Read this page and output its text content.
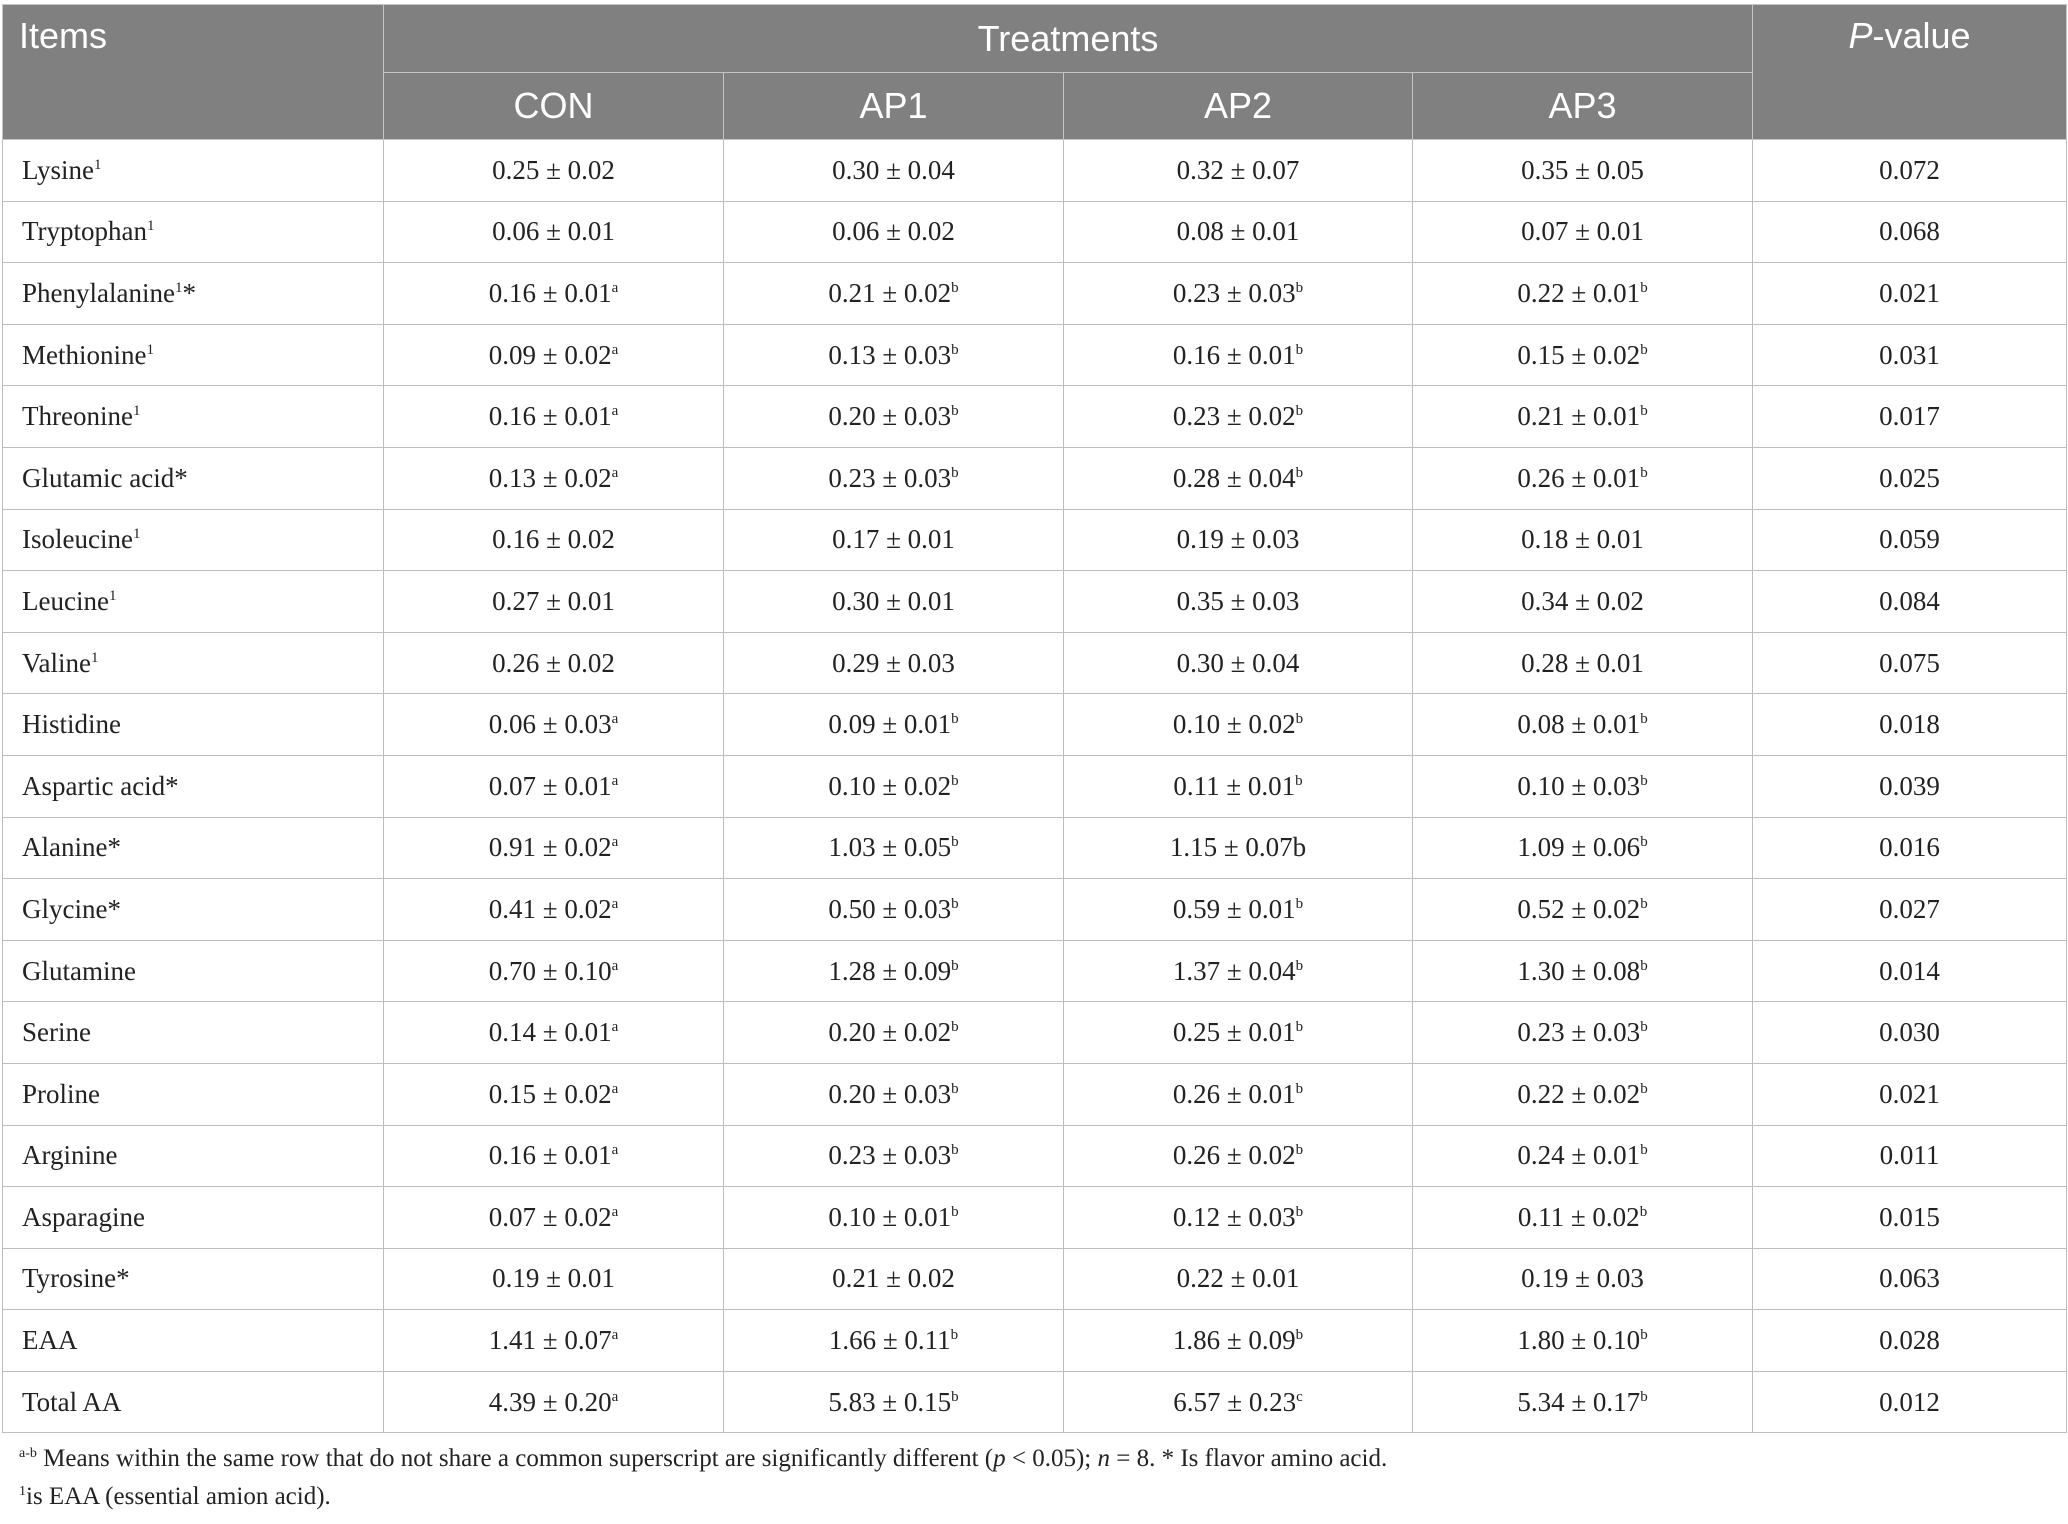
Items	Treatments				P-value
	CON	AP1	AP2	AP3	
Lysine$^1$	0.25 ± 0.02	0.30 ± 0.04	0.32 ± 0.07	0.35 ± 0.05	0.072
Tryptophan$^1$	0.06 ± 0.01	0.06 ± 0.02	0.08 ± 0.01	0.07 ± 0.01	0.068
Phenylalanine$^1$*	0.16 ± 0.01$^a$	0.21 ± 0.02$^b$	0.23 ± 0.03$^b$	0.22 ± 0.01$^b$	0.021
Methionine$^1$	0.09 ± 0.02$^a$	0.13 ± 0.03$^b$	0.16 ± 0.01$^b$	0.15 ± 0.02$^b$	0.031
Threonine$^1$	0.16 ± 0.01$^a$	0.20 ± 0.03$^b$	0.23 ± 0.02$^b$	0.21 ± 0.01$^b$	0.017
Glutamic acid*	0.13 ± 0.02$^a$	0.23 ± 0.03$^b$	0.28 ± 0.04$^b$	0.26 ± 0.01$^b$	0.025
Isoleucine$^1$	0.16 ± 0.02	0.17 ± 0.01	0.19 ± 0.03	0.18 ± 0.01	0.059
Leucine$^1$	0.27 ± 0.01	0.30 ± 0.01	0.35 ± 0.03	0.34 ± 0.02	0.084
Valine$^1$	0.26 ± 0.02	0.29 ± 0.03	0.30 ± 0.04	0.28 ± 0.01	0.075
Histidine	0.06 ± 0.03$^a$	0.09 ± 0.01$^b$	0.10 ± 0.02$^b$	0.08 ± 0.01$^b$	0.018
Aspartic acid*	0.07 ± 0.01$^a$	0.10 ± 0.02$^b$	0.11 ± 0.01$^b$	0.10 ± 0.03$^b$	0.039
Alanine*	0.91 ± 0.02$^a$	1.03 ± 0.05$^b$	1.15 ± 0.07b	1.09 ± 0.06$^b$	0.016
Glycine*	0.41 ± 0.02$^a$	0.50 ± 0.03$^b$	0.59 ± 0.01$^b$	0.52 ± 0.02$^b$	0.027
Glutamine	0.70 ± 0.10$^a$	1.28 ± 0.09$^b$	1.37 ± 0.04$^b$	1.30 ± 0.08$^b$	0.014
Serine	0.14 ± 0.01$^a$	0.20 ± 0.02$^b$	0.25 ± 0.01$^b$	0.23 ± 0.03$^b$	0.030
Proline	0.15 ± 0.02$^a$	0.20 ± 0.03$^b$	0.26 ± 0.01$^b$	0.22 ± 0.02$^b$	0.021
Arginine	0.16 ± 0.01$^a$	0.23 ± 0.03$^b$	0.26 ± 0.02$^b$	0.24 ± 0.01$^b$	0.011
Asparagine	0.07 ± 0.02$^a$	0.10 ± 0.01$^b$	0.12 ± 0.03$^b$	0.11 ± 0.02$^b$	0.015
Tyrosine*	0.19 ± 0.01	0.21 ± 0.02	0.22 ± 0.01	0.19 ± 0.03	0.063
EAA	1.41 ± 0.07$^a$	1.66 ± 0.11$^b$	1.86 ± 0.09$^b$	1.80 ± 0.10$^b$	0.028
Total AA	4.39 ± 0.20$^a$	5.83 ± 0.15$^b$	6.57 ± 0.23$^c$	5.34 ± 0.17$^b$	0.012
$^{a-b}$ Means within the same row that do not share a common superscript are significantly different (p < 0.05); n = 8. * Is flavor amino acid.
$^1$is EAA (essential amion acid).
